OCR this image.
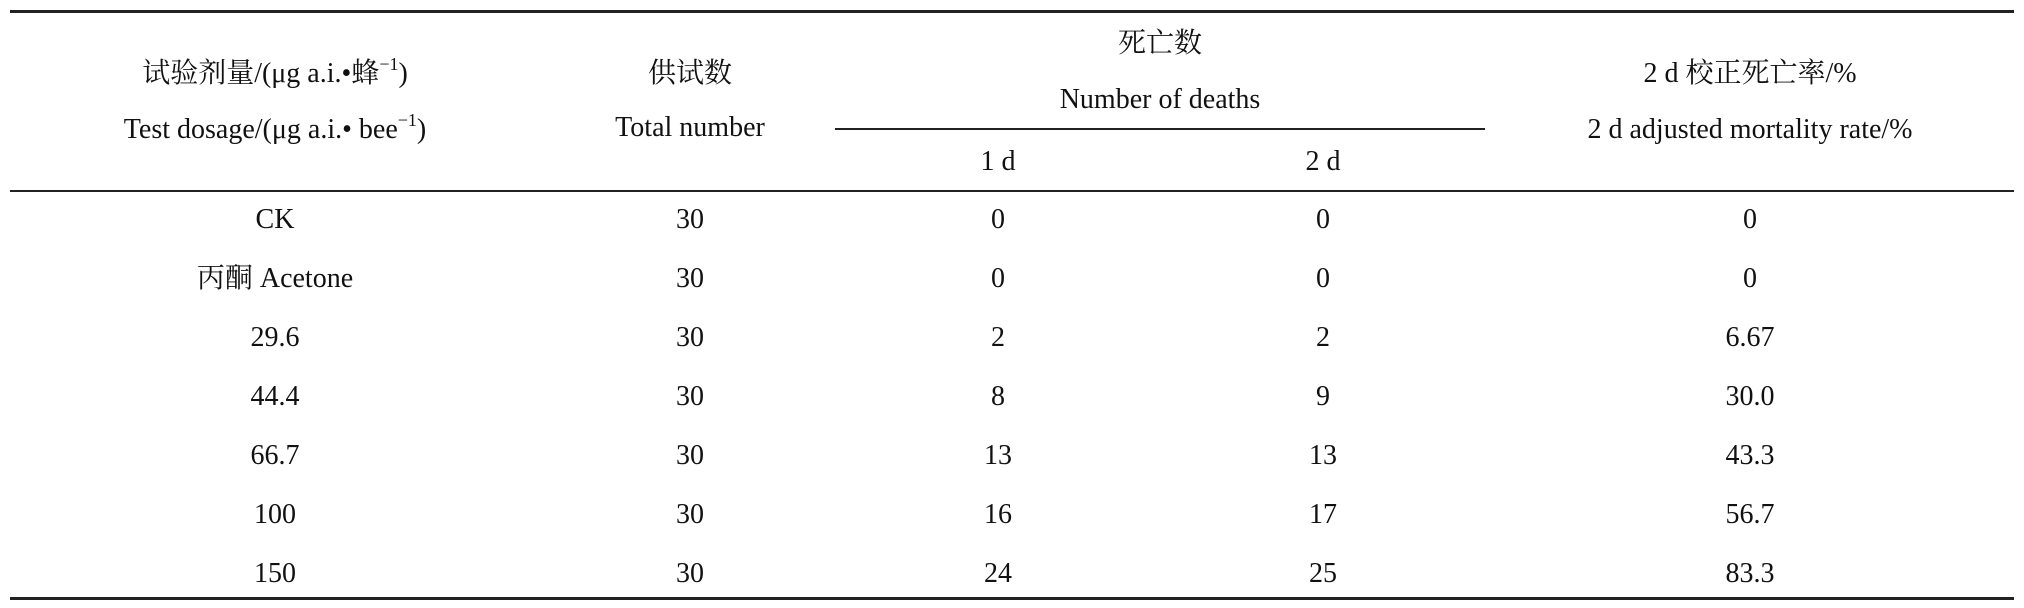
试验剂量/(μg a.i.•蜂$^{-1}$)
Test dosage/(μg a.i.• bee$^{-1}$)
供试数
Total number
死亡数
Number of deaths
1 d	2 d
2 d 校正死亡率/%
2 d adjusted mortality rate/%
CK	30	0	0	0
丙酮 Acetone	30	0	0	0
29.6	30	2	2	6.67
44.4	30	8	9	30.0
66.7	30	13	13	43.3
100	30	16	17	56.7
150	30	24	25	83.3
